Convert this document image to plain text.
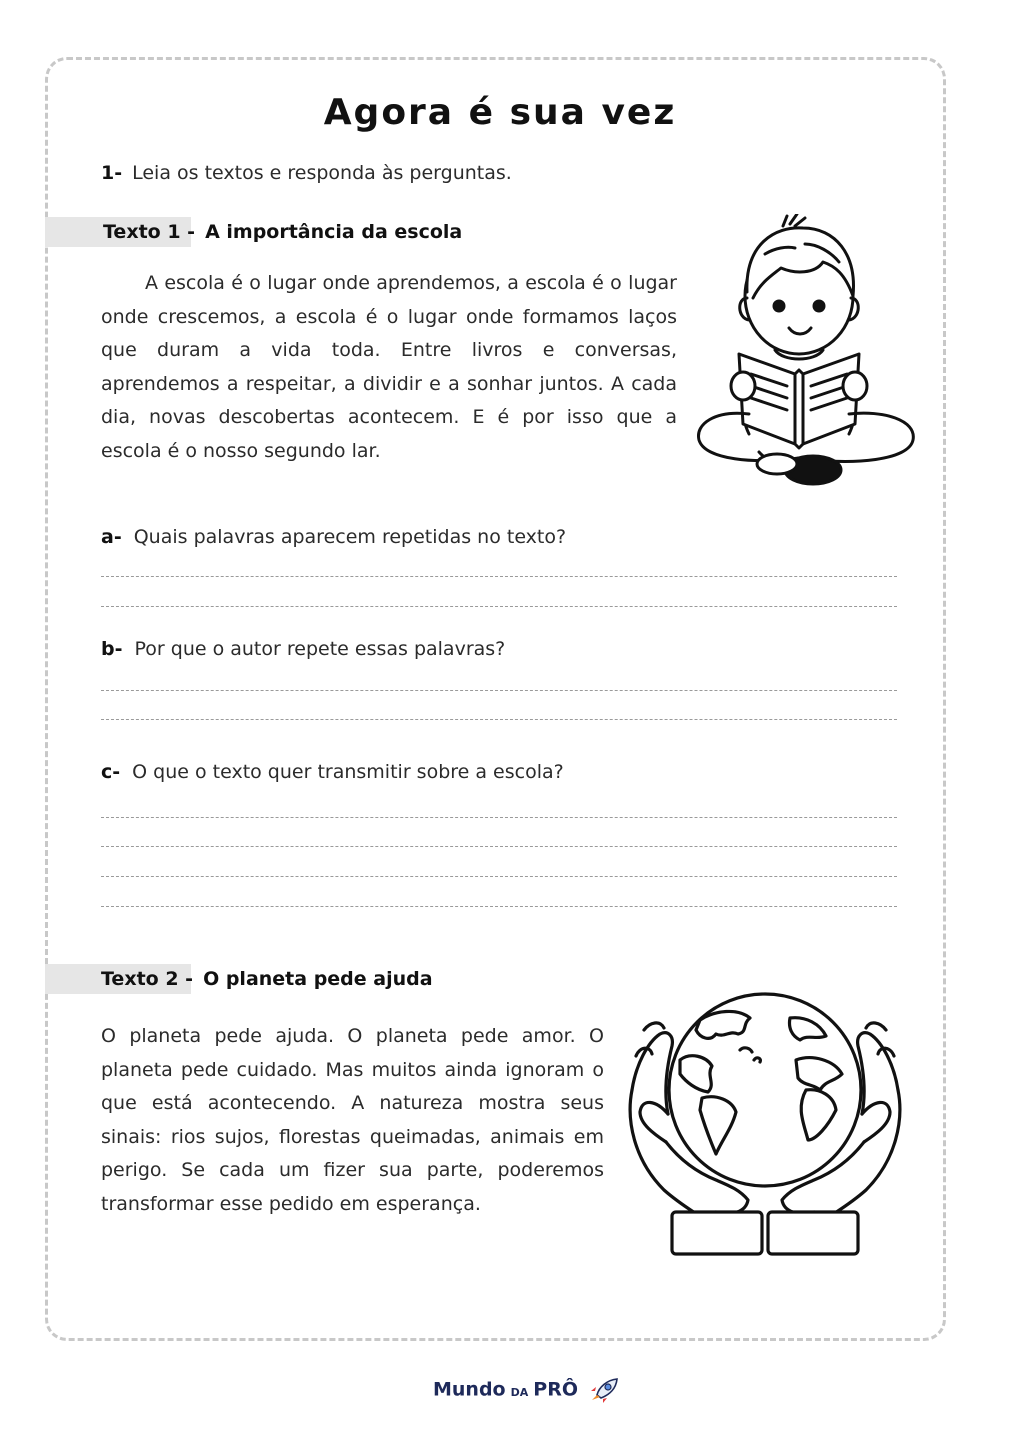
Agora é sua vez
1- Leia os textos e responda às perguntas.
Texto 1 - A importância da escola

A escola é o lugar onde aprendemos, a escola é o lugar onde crescemos, a escola é o lugar onde formamos laços que duram a vida toda. Entre livros e conversas, aprendemos a respeitar, a dividir e a sonhar juntos. A cada dia, novas descobertas acontecem. E é por isso que a escola é o nosso segundo lar.

a- Quais palavras aparecem repetidas no texto?
b- Por que o autor repete essas palavras?
c- O que o texto quer transmitir sobre a escola?
Texto 2 - O planeta pede ajuda

O planeta pede ajuda. O planeta pede amor. O planeta pede cuidado. Mas muitos ainda ignoram o que está acontecendo. A natureza mostra seus sinais: rios sujos, florestas queimadas, animais em perigo. Se cada um fizer sua parte, poderemos transformar esse pedido em esperança.

Mundo DA PRÔ
